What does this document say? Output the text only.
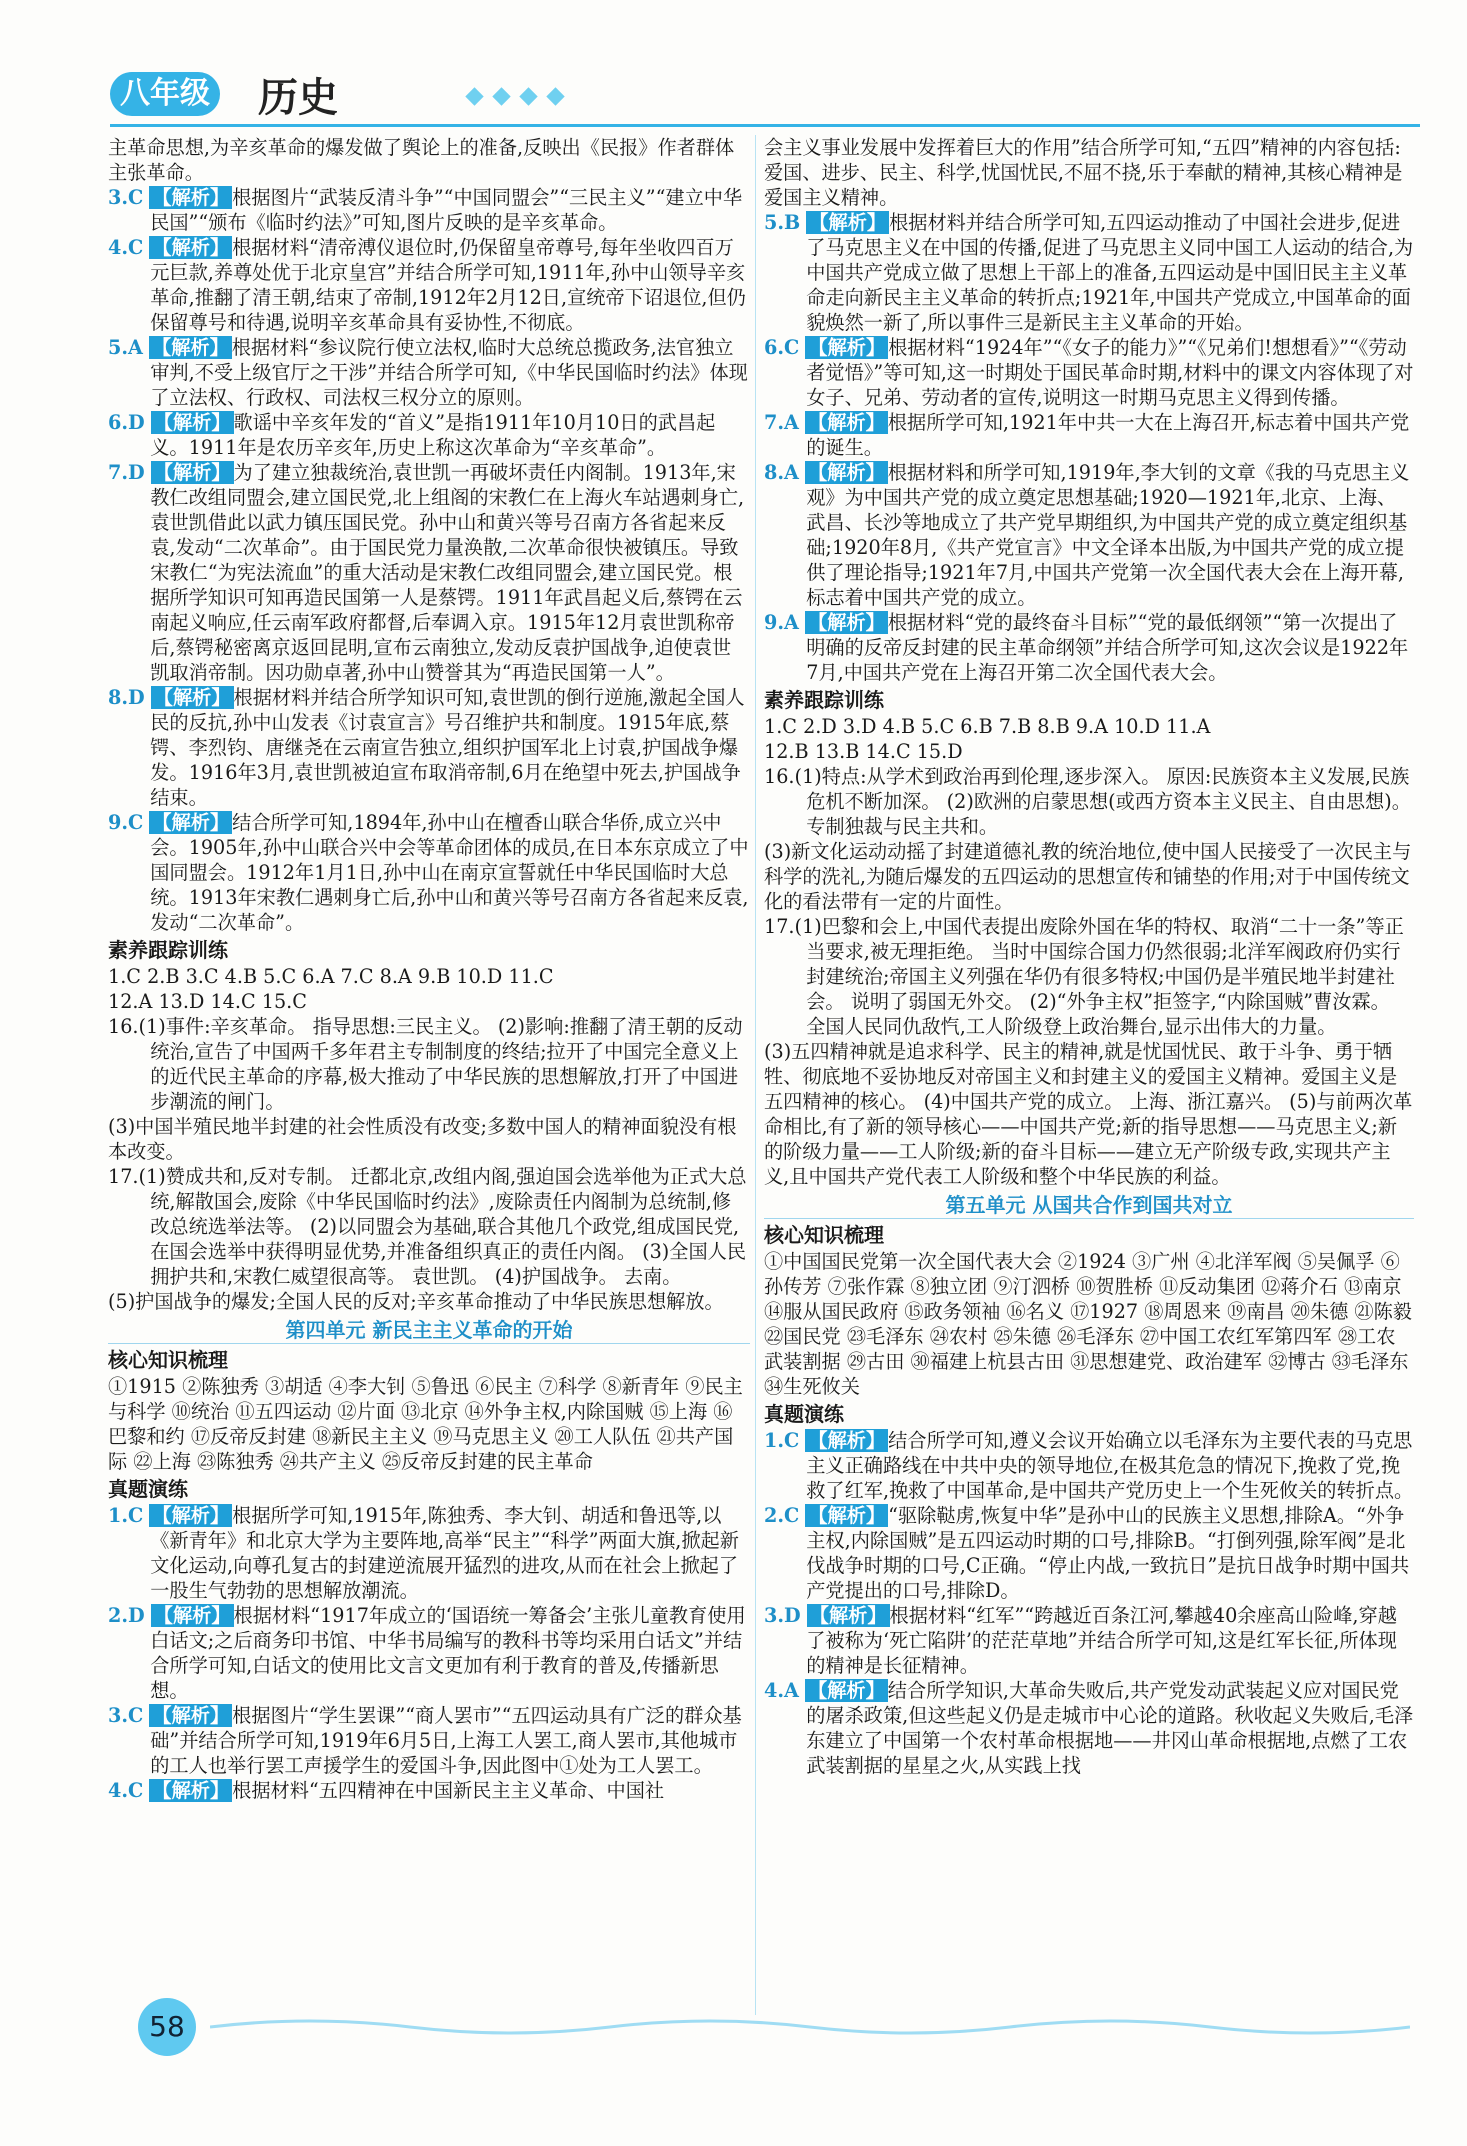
八年级 历史

主革命思想,为辛亥革命的爆发做了舆论上的准备,反映出《民报》作者群体主张革命。

3.C 【解析】 根据图片“武装反清斗争”“中国同盟会”“三民主义”“建立中华民国”“颁布《临时约法》”可知,图片反映的是辛亥革命。

4.C 【解析】 根据材料“清帝溥仪退位时,仍保留皇帝尊号,每年坐收四百万元巨款,养尊处优于北京皇宫”并结合所学可知,1911年,孙中山领导辛亥革命,推翻了清王朝,结束了帝制,1912年2月12日,宣统帝下诏退位,但仍保留尊号和待遇,说明辛亥革命具有妥协性,不彻底。

5.A 【解析】 根据材料“参议院行使立法权,临时大总统总揽政务,法官独立审判,不受上级官厅之干涉”并结合所学可知,《中华民国临时约法》体现了立法权、行政权、司法权三权分立的原则。

6.D 【解析】 歌谣中辛亥年发的“首义”是指1911年10月10日的武昌起义。1911年是农历辛亥年,历史上称这次革命为“辛亥革命”。

7.D 【解析】 为了建立独裁统治,袁世凯一再破坏责任内阁制。1913年,宋教仁改组同盟会,建立国民党,北上组阁的宋教仁在上海火车站遇刺身亡,袁世凯借此以武力镇压国民党。孙中山和黄兴等号召南方各省起来反袁,发动“二次革命”。由于国民党力量涣散,二次革命很快被镇压。导致宋教仁“为宪法流血”的重大活动是宋教仁改组同盟会,建立国民党。根据所学知识可知再造民国第一人是蔡锷。1911年武昌起义后,蔡锷在云南起义响应,任云南军政府都督,后奉调入京。1915年12月袁世凯称帝后,蔡锷秘密离京返回昆明,宣布云南独立,发动反袁护国战争,迫使袁世凯取消帝制。因功勋卓著,孙中山赞誉其为“再造民国第一人”。

8.D 【解析】 根据材料并结合所学知识可知,袁世凯的倒行逆施,激起全国人民的反抗,孙中山发表《讨袁宣言》号召维护共和制度。1915年底,蔡锷、李烈钧、唐继尧在云南宣告独立,组织护国军北上讨袁,护国战争爆发。1916年3月,袁世凯被迫宣布取消帝制,6月在绝望中死去,护国战争结束。

9.C 【解析】 结合所学可知,1894年,孙中山在檀香山联合华侨,成立兴中会。1905年,孙中山联合兴中会等革命团体的成员,在日本东京成立了中国同盟会。1912年1月1日,孙中山在南京宣誓就任中华民国临时大总统。1913年宋教仁遇刺身亡后,孙中山和黄兴等号召南方各省起来反袁,发动“二次革命”。

素养跟踪训练

1.C 2.B 3.C 4.B 5.C 6.A 7.C 8.A 9.B 10.D 11.C

12.A 13.D 14.C 15.C

16.(1)事件:辛亥革命。 指导思想:三民主义。 (2)影响:推翻了清王朝的反动统治,宣告了中国两千多年君主专制制度的终结;拉开了中国完全意义上的近代民主革命的序幕,极大推动了中华民族的思想解放,打开了中国进步潮流的闸门。

(3)中国半殖民地半封建的社会性质没有改变;多数中国人的精神面貌没有根本改变。

17.(1)赞成共和,反对专制。 迁都北京,改组内阁,强迫国会选举他为正式大总统,解散国会,废除《中华民国临时约法》,废除责任内阁制为总统制,修改总统选举法等。 (2)以同盟会为基础,联合其他几个政党,组成国民党,在国会选举中获得明显优势,并准备组织真正的责任内阁。 (3)全国人民拥护共和,宋教仁威望很高等。 袁世凯。 (4)护国战争。 去南。

(5)护国战争的爆发;全国人民的反对;辛亥革命推动了中华民族思想解放。

第四单元 新民主主义革命的开始
核心知识梳理

①1915 ②陈独秀 ③胡适 ④李大钊 ⑤鲁迅 ⑥民主 ⑦科学 ⑧新青年 ⑨民主与科学 ⑩统治 ⑪五四运动 ⑫片面 ⑬北京 ⑭外争主权,内除国贼 ⑮上海 ⑯巴黎和约 ⑰反帝反封建 ⑱新民主主义 ⑲马克思主义 ⑳工人队伍 ㉑共产国际 ㉒上海 ㉓陈独秀 ㉔共产主义 ㉕反帝反封建的民主革命

真题演练

1.C 【解析】 根据所学可知,1915年,陈独秀、李大钊、胡适和鲁迅等,以《新青年》和北京大学为主要阵地,高举“民主”“科学”两面大旗,掀起新文化运动,向尊孔复古的封建逆流展开猛烈的进攻,从而在社会上掀起了一股生气勃勃的思想解放潮流。

2.D 【解析】 根据材料“1917年成立的‘国语统一筹备会’主张儿童教育使用白话文;之后商务印书馆、中华书局编写的教科书等均采用白话文”并结合所学可知,白话文的使用比文言文更加有利于教育的普及,传播新思想。

3.C 【解析】 根据图片“学生罢课”“商人罢市”“五四运动具有广泛的群众基础”并结合所学可知,1919年6月5日,上海工人罢工,商人罢市,其他城市的工人也举行罢工声援学生的爱国斗争,因此图中①处为工人罢工。

4.C 【解析】 根据材料“五四精神在中国新民主主义革命、中国社

会主义事业发展中发挥着巨大的作用”结合所学可知,“五四”精神的内容包括:爱国、进步、民主、科学,忧国忧民,不屈不挠,乐于奉献的精神,其核心精神是爱国主义精神。

5.B 【解析】 根据材料并结合所学可知,五四运动推动了中国社会进步,促进了马克思主义在中国的传播,促进了马克思主义同中国工人运动的结合,为中国共产党成立做了思想上干部上的准备,五四运动是中国旧民主主义革命走向新民主主义革命的转折点;1921年,中国共产党成立,中国革命的面貌焕然一新了,所以事件三是新民主主义革命的开始。

6.C 【解析】 根据材料“1924年”“《女子的能力》”“《兄弟们!想想看》”“《劳动者觉悟》”等可知,这一时期处于国民革命时期,材料中的课文内容体现了对女子、兄弟、劳动者的宣传,说明这一时期马克思主义得到传播。

7.A 【解析】 根据所学可知,1921年中共一大在上海召开,标志着中国共产党的诞生。

8.A 【解析】 根据材料和所学可知,1919年,李大钊的文章《我的马克思主义观》为中国共产党的成立奠定思想基础;1920—1921年,北京、上海、武昌、长沙等地成立了共产党早期组织,为中国共产党的成立奠定组织基础;1920年8月,《共产党宣言》中文全译本出版,为中国共产党的成立提供了理论指导;1921年7月,中国共产党第一次全国代表大会在上海开幕,标志着中国共产党的成立。

9.A 【解析】 根据材料“党的最终奋斗目标”“党的最低纲领”“第一次提出了明确的反帝反封建的民主革命纲领”并结合所学可知,这次会议是1922年7月,中国共产党在上海召开第二次全国代表大会。

素养跟踪训练

1.C 2.D 3.D 4.B 5.C 6.B 7.B 8.B 9.A 10.D 11.A

12.B 13.B 14.C 15.D

16.(1)特点:从学术到政治再到伦理,逐步深入。 原因:民族资本主义发展,民族危机不断加深。 (2)欧洲的启蒙思想(或西方资本主义民主、自由思想)。 专制独裁与民主共和。

(3)新文化运动动摇了封建道德礼教的统治地位,使中国人民接受了一次民主与科学的洗礼,为随后爆发的五四运动的思想宣传和铺垫的作用;对于中国传统文化的看法带有一定的片面性。

17.(1)巴黎和会上,中国代表提出废除外国在华的特权、取消“二十一条”等正当要求,被无理拒绝。 当时中国综合国力仍然很弱;北洋军阀政府仍实行封建统治;帝国主义列强在华仍有很多特权;中国仍是半殖民地半封建社会。 说明了弱国无外交。 (2)“外争主权”拒签字,“内除国贼”曹汝霖。 全国人民同仇敌忾,工人阶级登上政治舞台,显示出伟大的力量。

(3)五四精神就是追求科学、民主的精神,就是忧国忧民、敢于斗争、勇于牺牲、彻底地不妥协地反对帝国主义和封建主义的爱国主义精神。爱国主义是五四精神的核心。 (4)中国共产党的成立。 上海、浙江嘉兴。 (5)与前两次革命相比,有了新的领导核心——中国共产党;新的指导思想——马克思主义;新的阶级力量——工人阶级;新的奋斗目标——建立无产阶级专政,实现共产主义,且中国共产党代表工人阶级和整个中华民族的利益。

第五单元 从国共合作到国共对立
核心知识梳理

①中国国民党第一次全国代表大会 ②1924 ③广州 ④北洋军阀 ⑤吴佩孚 ⑥孙传芳 ⑦张作霖 ⑧独立团 ⑨汀泗桥 ⑩贺胜桥 ⑪反动集团 ⑫蒋介石 ⑬南京 ⑭服从国民政府 ⑮政务领袖 ⑯名义 ⑰1927 ⑱周恩来 ⑲南昌 ⑳朱德 ㉑陈毅 ㉒国民党 ㉓毛泽东 ㉔农村 ㉕朱德 ㉖毛泽东 ㉗中国工农红军第四军 ㉘工农武装割据 ㉙古田 ㉚福建上杭县古田 ㉛思想建党、政治建军 ㉜博古 ㉝毛泽东 ㉞生死攸关

真题演练

1.C 【解析】 结合所学可知,遵义会议开始确立以毛泽东为主要代表的马克思主义正确路线在中共中央的领导地位,在极其危急的情况下,挽救了党,挽救了红军,挽救了中国革命,是中国共产党历史上一个生死攸关的转折点。

2.C 【解析】 “驱除鞑虏,恢复中华”是孙中山的民族主义思想,排除A。“外争主权,内除国贼”是五四运动时期的口号,排除B。“打倒列强,除军阀”是北伐战争时期的口号,C正确。“停止内战,一致抗日”是抗日战争时期中国共产党提出的口号,排除D。

3.D 【解析】 根据材料“红军”“跨越近百条江河,攀越40余座高山险峰,穿越了被称为‘死亡陷阱’的茫茫草地”并结合所学可知,这是红军长征,所体现的精神是长征精神。

4.A 【解析】 结合所学知识,大革命失败后,共产党发动武装起义应对国民党的屠杀政策,但这些起义仍是走城市中心论的道路。秋收起义失败后,毛泽东建立了中国第一个农村革命根据地——井冈山革命根据地,点燃了工农武装割据的星星之火,从实践上找

58
